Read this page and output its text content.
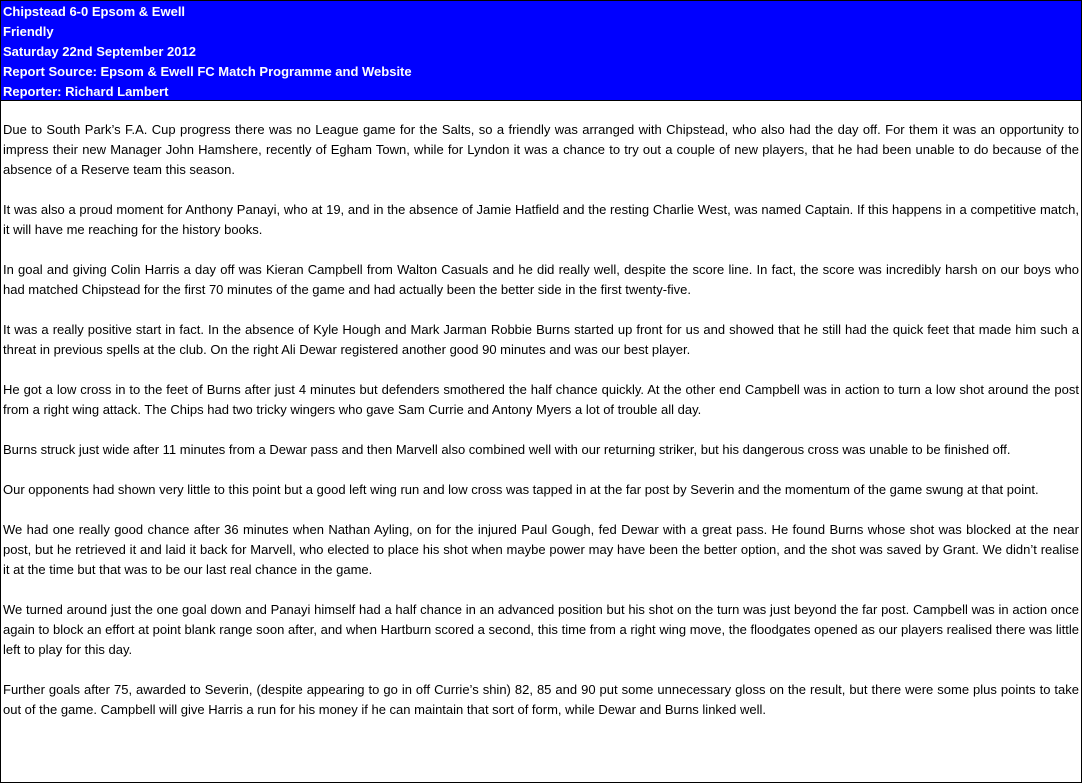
Chipstead 6-0 Epsom & Ewell
Friendly
Saturday 22nd September 2012
Report Source: Epsom & Ewell FC Match Programme and Website
Reporter: Richard Lambert

Due to South Park’s F.A. Cup progress there was no League game for the Salts, so a friendly was arranged with Chipstead, who also had the day off. For them it was an opportunity to impress their new Manager John Hamshere, recently of Egham Town, while for Lyndon it was a chance to try out a couple of new players, that he had been unable to do because of the absence of a Reserve team this season.

It was also a proud moment for Anthony Panayi, who at 19, and in the absence of Jamie Hatfield and the resting Charlie West, was named Captain. If this happens in a competitive match, it will have me reaching for the history books.

In goal and giving Colin Harris a day off was Kieran Campbell from Walton Casuals and he did really well, despite the score line. In fact, the score was incredibly harsh on our boys who had matched Chipstead for the first 70 minutes of the game and had actually been the better side in the first twenty-five.

It was a really positive start in fact. In the absence of Kyle Hough and Mark Jarman Robbie Burns started up front for us and showed that he still had the quick feet that made him such a threat in previous spells at the club. On the right Ali Dewar registered another good 90 minutes and was our best player.

He got a low cross in to the feet of Burns after just 4 minutes but defenders smothered the half chance quickly. At the other end Campbell was in action to turn a low shot around the post from a right wing attack. The Chips had two tricky wingers who gave Sam Currie and Antony Myers a lot of trouble all day.

Burns struck just wide after 11 minutes from a Dewar pass and then Marvell also combined well with our returning striker, but his dangerous cross was unable to be finished off.

Our opponents had shown very little to this point but a good left wing run and low cross was tapped in at the far post by Severin and the momentum of the game swung at that point.

We had one really good chance after 36 minutes when Nathan Ayling, on for the injured Paul Gough, fed Dewar with a great pass. He found Burns whose shot was blocked at the near post, but he retrieved it and laid it back for Marvell, who elected to place his shot when maybe power may have been the better option, and the shot was saved by Grant. We didn’t realise it at the time but that was to be our last real chance in the game.

We turned around just the one goal down and Panayi himself had a half chance in an advanced position but his shot on the turn was just beyond the far post. Campbell was in action once again to block an effort at point blank range soon after, and when Hartburn scored a second, this time from a right wing move, the floodgates opened as our players realised there was little left to play for this day.

Further goals after 75, awarded to Severin, (despite appearing to go in off Currie’s shin) 82, 85 and 90 put some unnecessary gloss on the result, but there were some plus points to take out of the game. Campbell will give Harris a run for his money if he can maintain that sort of form, while Dewar and Burns linked well.
